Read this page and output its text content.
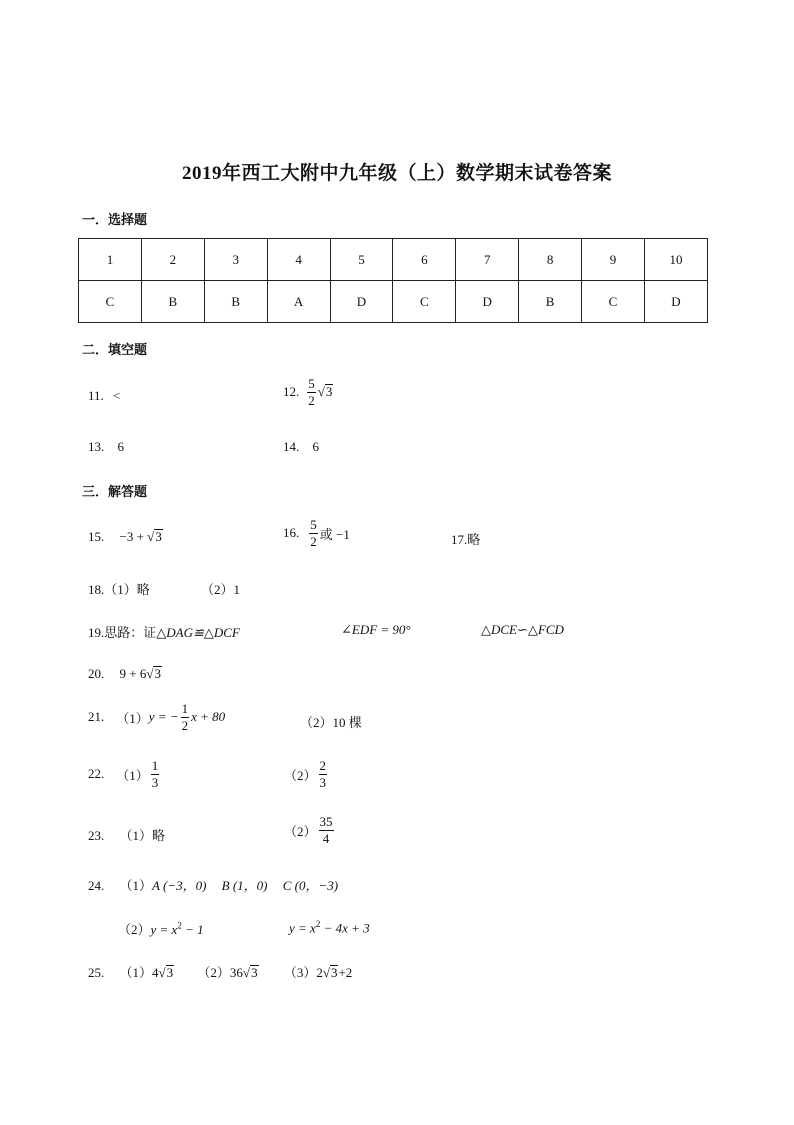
2019年西工大附中九年级（上）数学期末试卷答案
一．选择题
1	2	3	4	5	6	7	8	9	10
C	B	B	A	D	C	D	B	C	D
二．填空题
11. <	12. $\frac{5}{2}$ √ 3
13. 6	14. 6
三．解答题
15. −3 + √ 3	16. $\frac{5}{2}$ 或 −1	17.略
18.（1）略	（2）1
19.思路：证△DAG≌△DCF	∠EDF = 90°	△DCE∽△FCD
20. 9 + 6√ 3
21. （1） y = − $\frac{1}{2}$ x + 80	（2）10 棵
22. $(1) \frac{1}{3}$	$(2) \frac{2}{3}$
23. （1）略	$(2) \frac{35}{4}$
24. （1）A (−3，0) B (1，0) C (0，−3)
$(2)y = x^2 - 1$	$y = x^2 - 4x + 3$
25. （1）4√ 3 （2）36√ 3 （3）2√ 3 +2
